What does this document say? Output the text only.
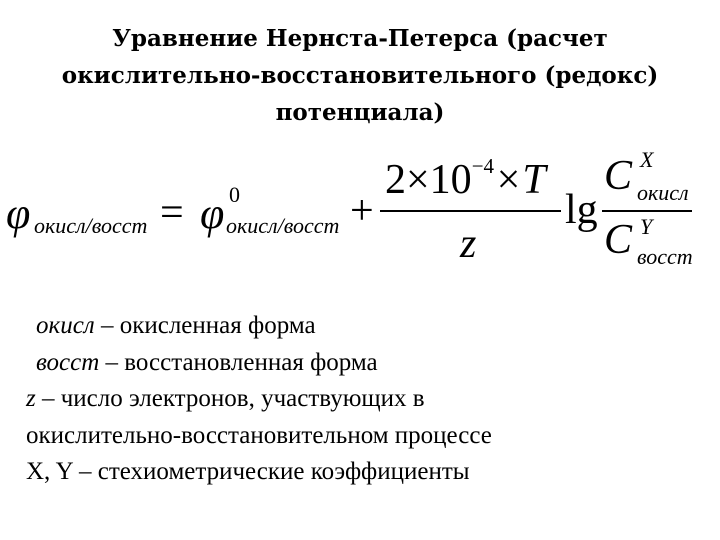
Уравнение Нернста-Петерса (расчет
окислительно-восстановительного (редокс)
потенциала)
φ окисл/восст = φ 0
окисл/восст +
$2\times 10^{-4}\times T$
z
lg
C X
окисл
C Y
восст
окисл – окисленная форма
восст – восстановленная форма
z – число электронов, участвующих в
окислительно-восстановительном процессе
X, Y – стехиометрические коэффициенты
